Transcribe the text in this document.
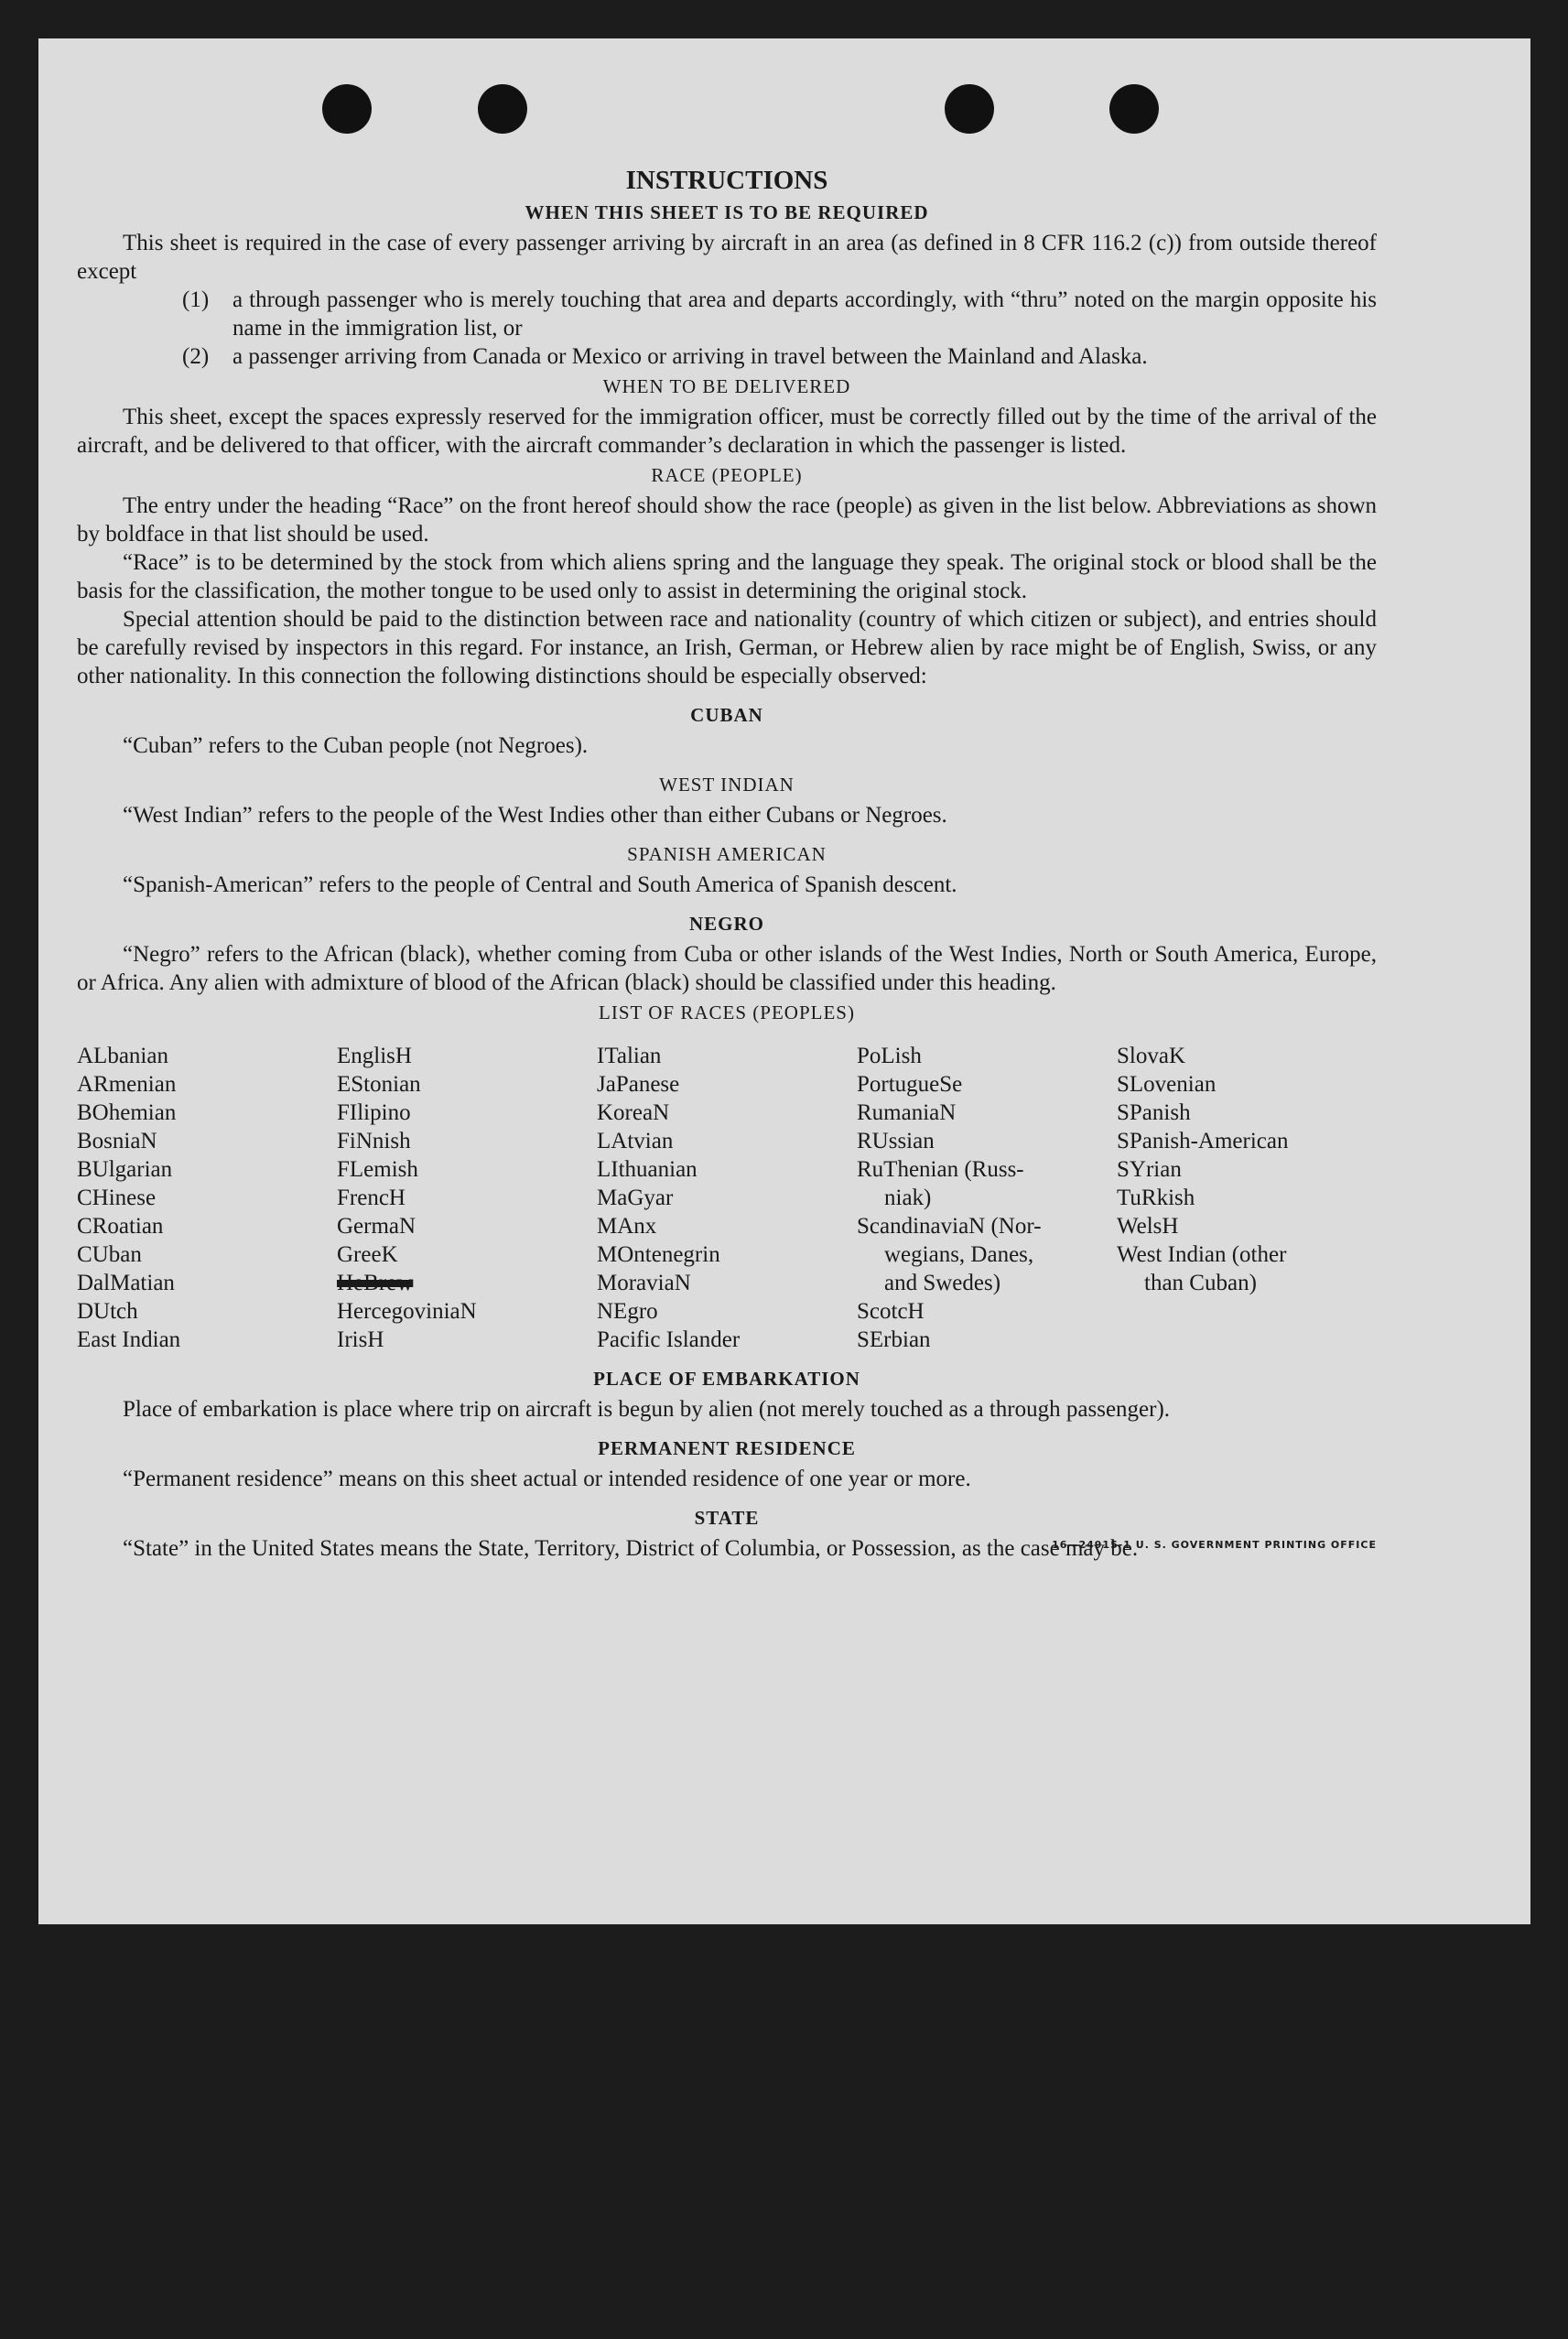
INSTRUCTIONS
WHEN THIS SHEET IS TO BE REQUIRED

This sheet is required in the case of every passenger arriving by aircraft in an area (as defined in 8 CFR 116.2 (c)) from outside thereof except

(1)	a through passenger who is merely touching that area and departs accordingly, with “thru” noted on the margin opposite his name in the immigration list, or
(2)	a passenger arriving from Canada or Mexico or arriving in travel between the Mainland and Alaska.
WHEN TO BE DELIVERED

This sheet, except the spaces expressly reserved for the immigration officer, must be correctly filled out by the time of the arrival of the aircraft, and be delivered to that officer, with the aircraft commander’s declaration in which the passenger is listed.

RACE (PEOPLE)

The entry under the heading “Race” on the front hereof should show the race (people) as given in the list below. Abbreviations as shown by boldface in that list should be used.

“Race” is to be determined by the stock from which aliens spring and the language they speak. The original stock or blood shall be the basis for the classification, the mother tongue to be used only to assist in determining the original stock.

Special attention should be paid to the distinction between race and nationality (country of which citizen or subject), and entries should be carefully revised by inspectors in this regard. For instance, an Irish, German, or Hebrew alien by race might be of English, Swiss, or any other nationality. In this connection the following distinctions should be especially observed:

CUBAN

“Cuban” refers to the Cuban people (not Negroes).

WEST INDIAN

“West Indian” refers to the people of the West Indies other than either Cubans or Negroes.

SPANISH AMERICAN

“Spanish-American” refers to the people of Central and South America of Spanish descent.

NEGRO

“Negro” refers to the African (black), whether coming from Cuba or other islands of the West Indies, North or South America, Europe, or Africa. Any alien with admixture of blood of the African (black) should be classified under this heading.

LIST OF RACES (PEOPLES)
ALbanian
ARmenian
BOhemian
BosniaN
BUlgarian
CHinese
CRoatian
CUban
DalMatian
DUtch
East Indian
EnglisH
EStonian
FIlipino
FiNnish
FLemish
FrencH
GermaN
GreeK
HeBrew
HercegoviniaN
IrisH
ITalian
JaPanese
KoreaN
LAtvian
LIthuanian
MaGyar
MAnx
MOntenegrin
MoraviaN
NEgro
Pacific Islander
PoLish
PortugueSe
RumaniaN
RUssian
RuThenian (Russ-
niak)
ScandinaviaN (Nor-
wegians, Danes,
and Swedes)
ScotcH
SErbian
SlovaK
SLovenian
SPanish
SPanish-American
SYrian
TuRkish
WelsH
West Indian (other
than Cuban)
PLACE OF EMBARKATION

Place of embarkation is place where trip on aircraft is begun by alien (not merely touched as a through passenger).

PERMANENT RESIDENCE

“Permanent residence” means on this sheet actual or intended residence of one year or more.

STATE

“State” in the United States means the State, Territory, District of Columbia, or Possession, as the case may be.

16—24915-1 U. S. GOVERNMENT PRINTING OFFICE
